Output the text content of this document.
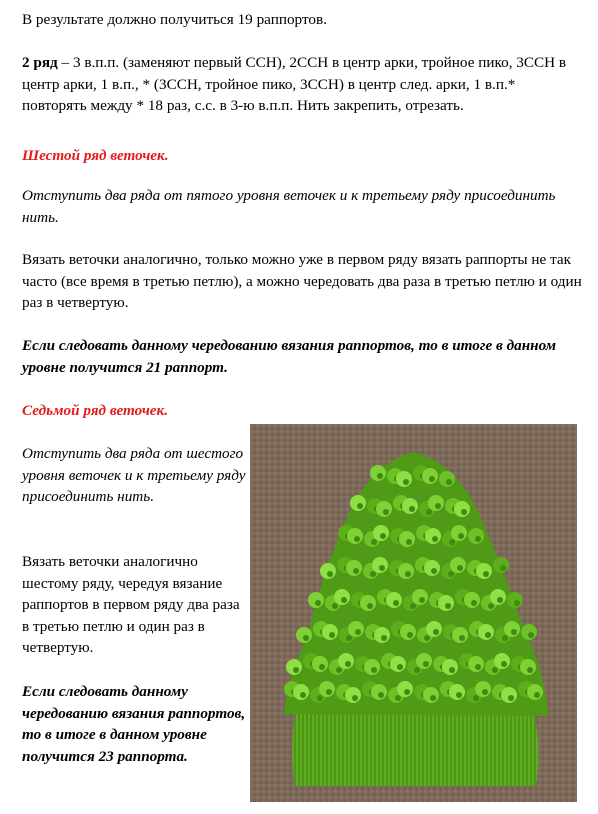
В результате должно получиться 19 раппортов.

2 ряд – 3 в.п.п. (заменяют первый ССН), 2ССН в центр арки, тройное пико, 3ССН в центр арки, 1 в.п., * (3ССН, тройное пико, 3ССН) в центр след. арки, 1 в.п.* повторять между * 18 раз, с.с. в 3-ю в.п.п. Нить закрепить, отрезать.

Шестой ряд веточек.

Отступить два ряда от пятого уровня веточек и к третьему ряду присоединить нить.

Вязать веточки аналогично, только можно уже в первом ряду вязать раппорты не так часто (все время в третью петлю), а можно чередовать два раза в третью петлю и один раз в четвертую.

Если следовать данному чередованию вязания раппортов, то в итоге в данном уровне получится 21 раппорт.

Седьмой ряд веточек.

Отступить два ряда от шестого уровня веточек и к третьему ряду присоединить нить.

Вязать веточки аналогично шестому ряду, чередуя вязание раппортов в первом ряду два раза в третью петлю и один раз в четвертую.

Если следовать данному чередованию вязания раппортов, то в итоге в данном уровне получится 23 раппорта.
